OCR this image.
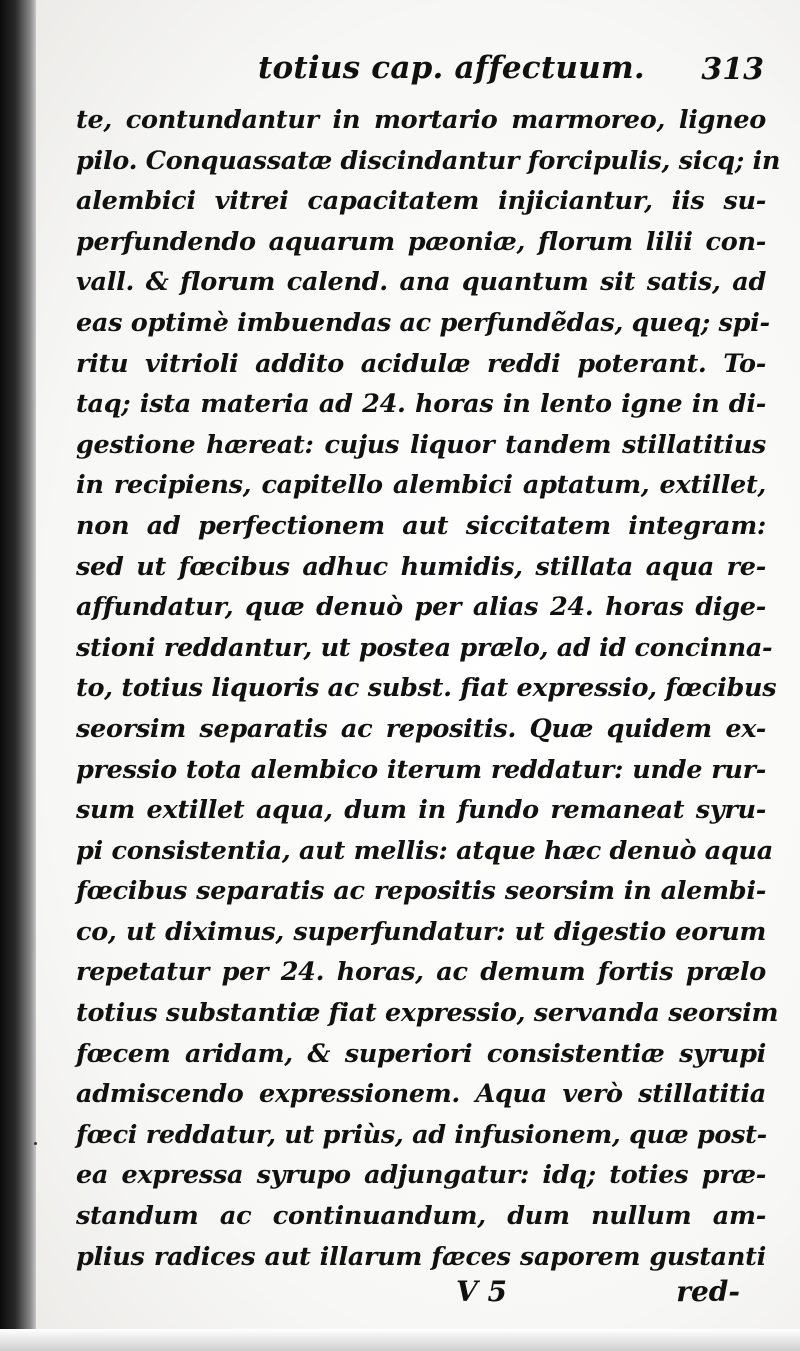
totius cap. affectuum. 313
te, contundantur in mortario marmoreo, ligneo
pilo. Conquassatæ discindantur forcipulis, sicq; in
alembici vitrei capacitatem injiciantur, iis su-
perfundendo aquarum pæoniæ, florum lilii con-
vall. & florum calend. ana quantum sit satis, ad
eas optimè imbuendas ac perfundẽdas, queq; spi-
ritu vitrioli addito acidulæ reddi poterant. To-
taq; ista materia ad 24. horas in lento igne in di-
gestione hæreat: cujus liquor tandem stillatitius
in recipiens, capitello alembici aptatum, extillet,
non ad perfectionem aut siccitatem integram:
sed ut fœcibus adhuc humidis, stillata aqua re-
affundatur, quæ denuò per alias 24. horas dige-
stioni reddantur, ut postea prælo, ad id concinna-
to, totius liquoris ac subst. fiat expressio, fœcibus
seorsim separatis ac repositis. Quæ quidem ex-
pressio tota alembico iterum reddatur: unde rur-
sum extillet aqua, dum in fundo remaneat syru-
pi consistentia, aut mellis: atque hæc denuò aqua
fœcibus separatis ac repositis seorsim in alembi-
co, ut diximus, superfundatur: ut digestio eorum
repetatur per 24. horas, ac demum fortis prælo
totius substantiæ fiat expressio, servanda seorsim
fœcem aridam, & superiori consistentiæ syrupi
admiscendo expressionem. Aqua verò stillatitia
fœci reddatur, ut priùs, ad infusionem, quæ post-
ea expressa syrupo adjungatur: idq; toties præ-
standum ac continuandum, dum nullum am-
plius radices aut illarum fæces saporem gustanti
V 5	red-
